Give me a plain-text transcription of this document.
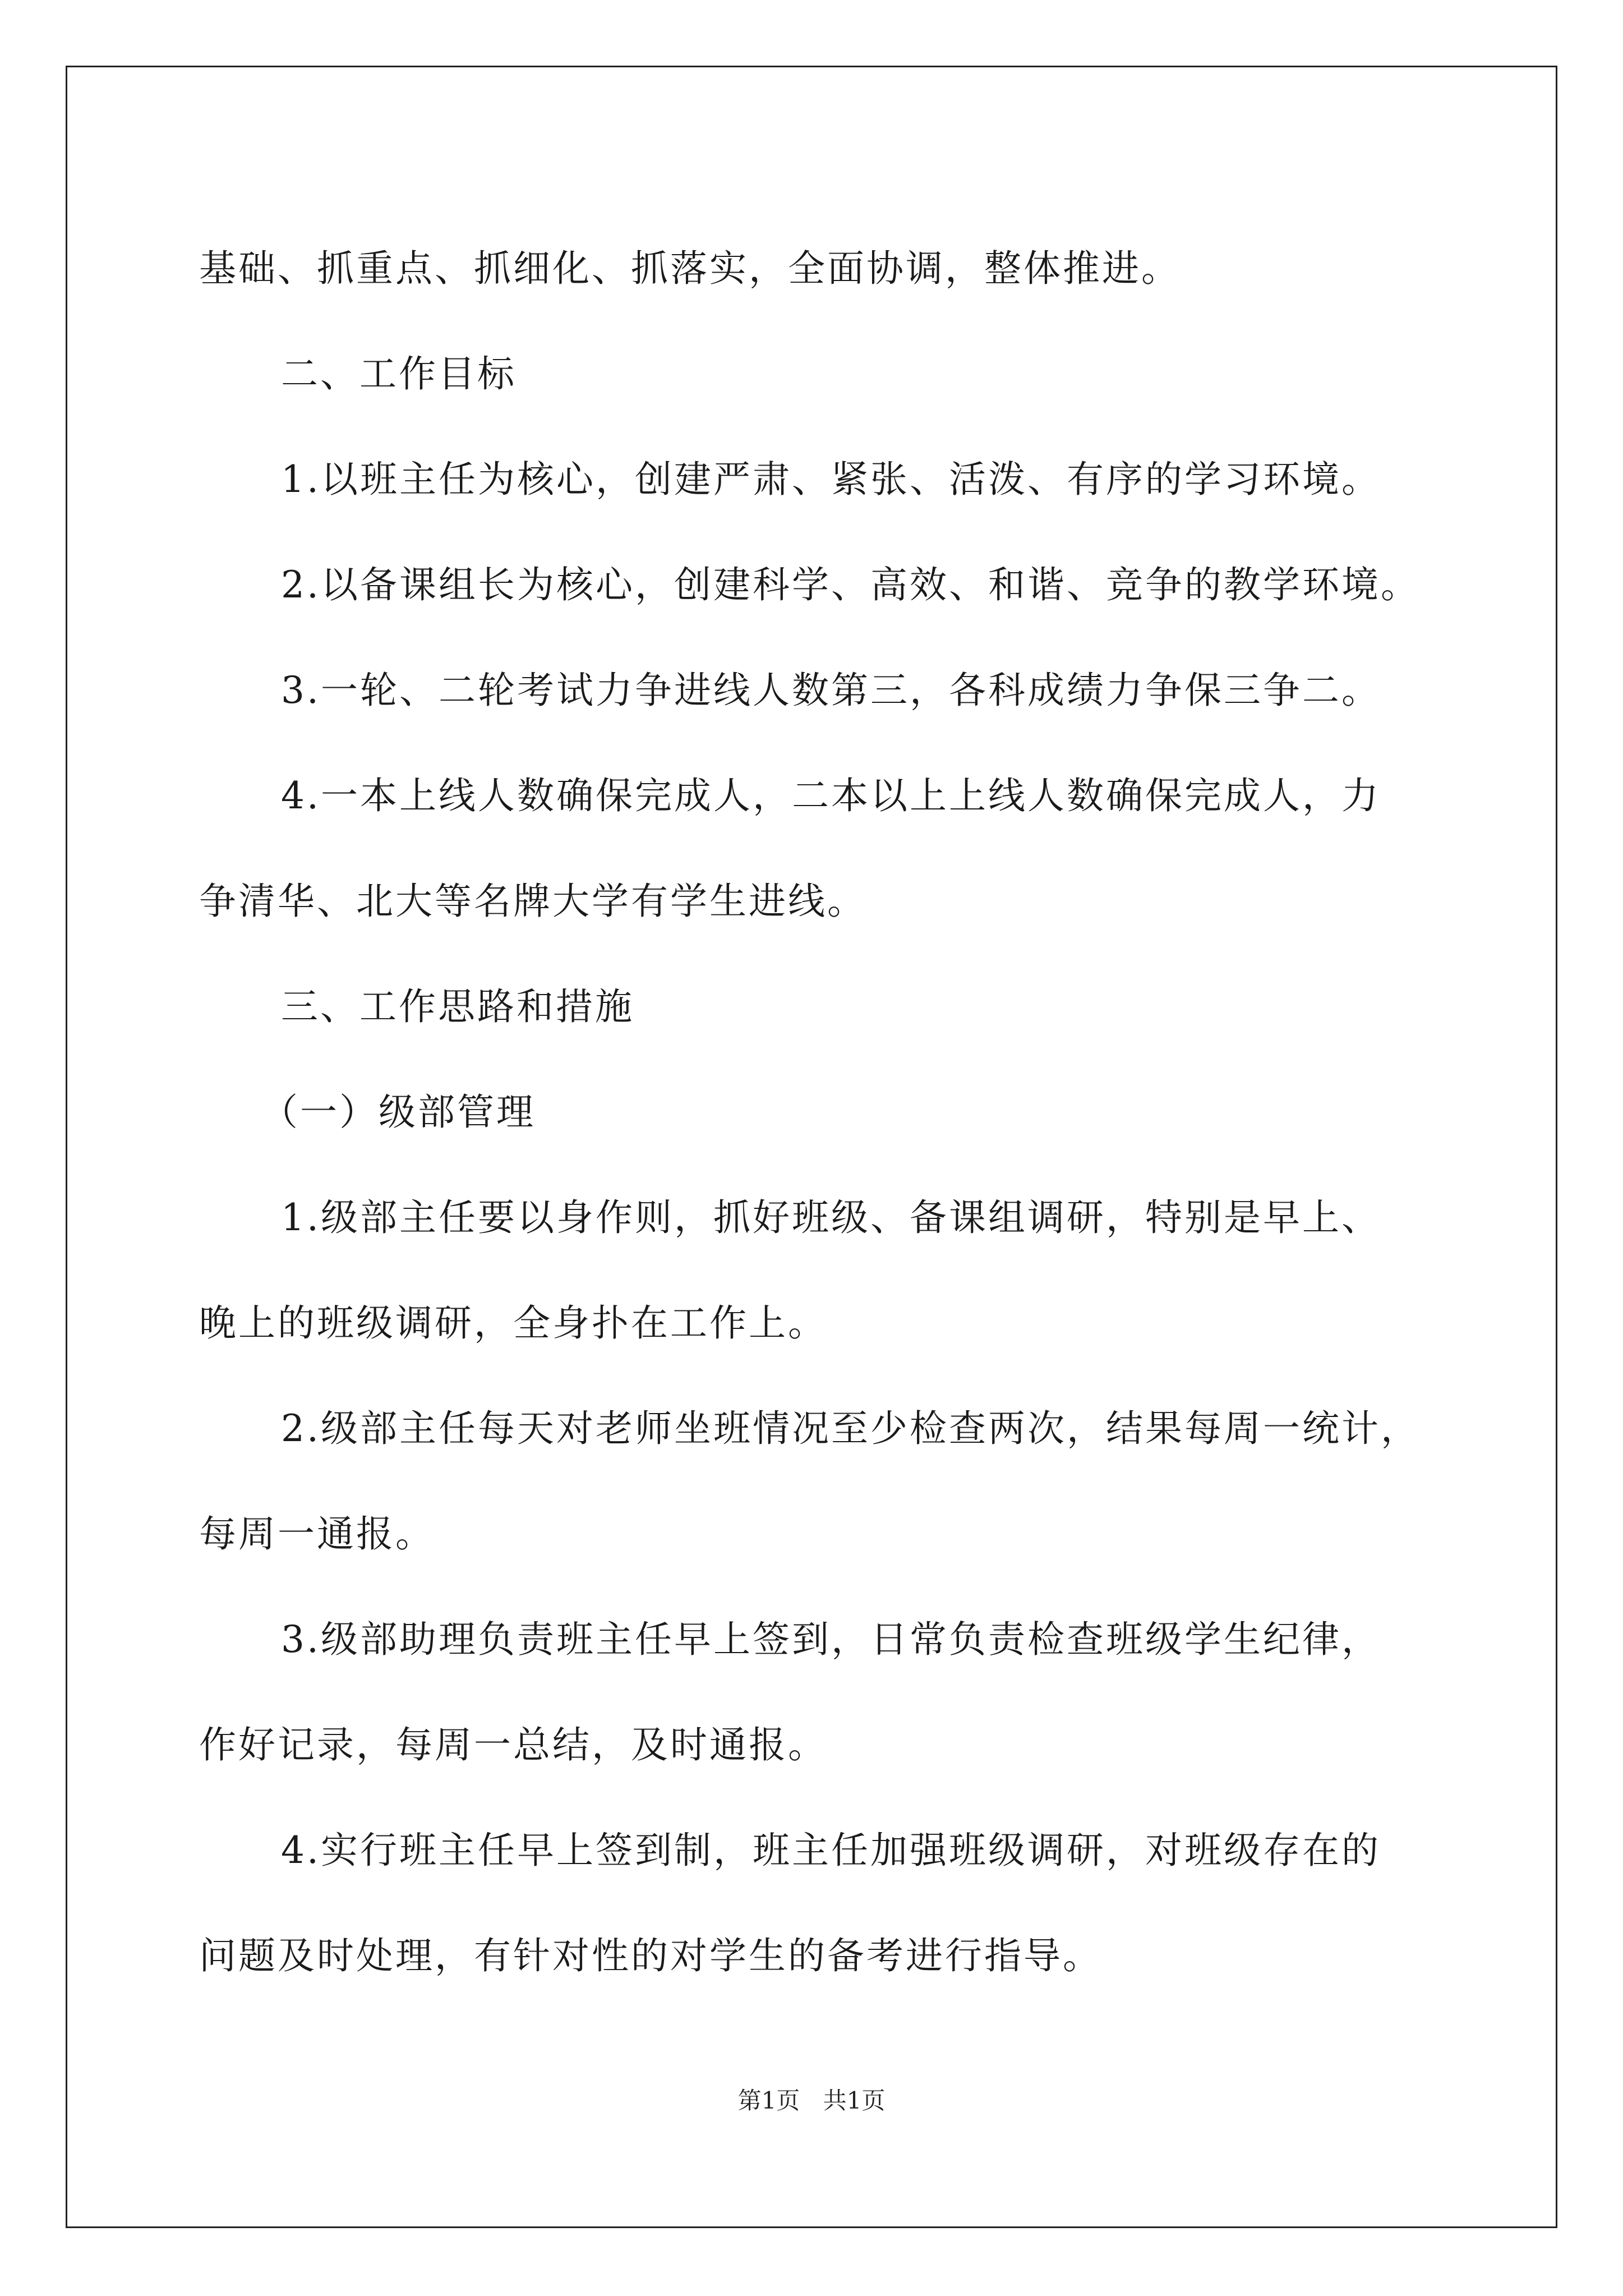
基础、抓重点、抓细化、抓落实，全面协调，整体推进。

二、工作目标

1.以班主任为核心，创建严肃、紧张、活泼、有序的学习环境。

2.以备课组长为核心，创建科学、高效、和谐、竞争的教学环境。

3.一轮、二轮考试力争进线人数第三，各科成绩力争保三争二。

4.一本上线人数确保完成人，二本以上上线人数确保完成人，力

争清华、北大等名牌大学有学生进线。

三、工作思路和措施

（一）级部管理

1.级部主任要以身作则，抓好班级、备课组调研，特别是早上、

晚上的班级调研，全身扑在工作上。

2.级部主任每天对老师坐班情况至少检查两次，结果每周一统计，

每周一通报。

3.级部助理负责班主任早上签到，日常负责检查班级学生纪律，

作好记录，每周一总结，及时通报。

4.实行班主任早上签到制，班主任加强班级调研，对班级存在的

问题及时处理，有针对性的对学生的备考进行指导。

第1页 共1页
